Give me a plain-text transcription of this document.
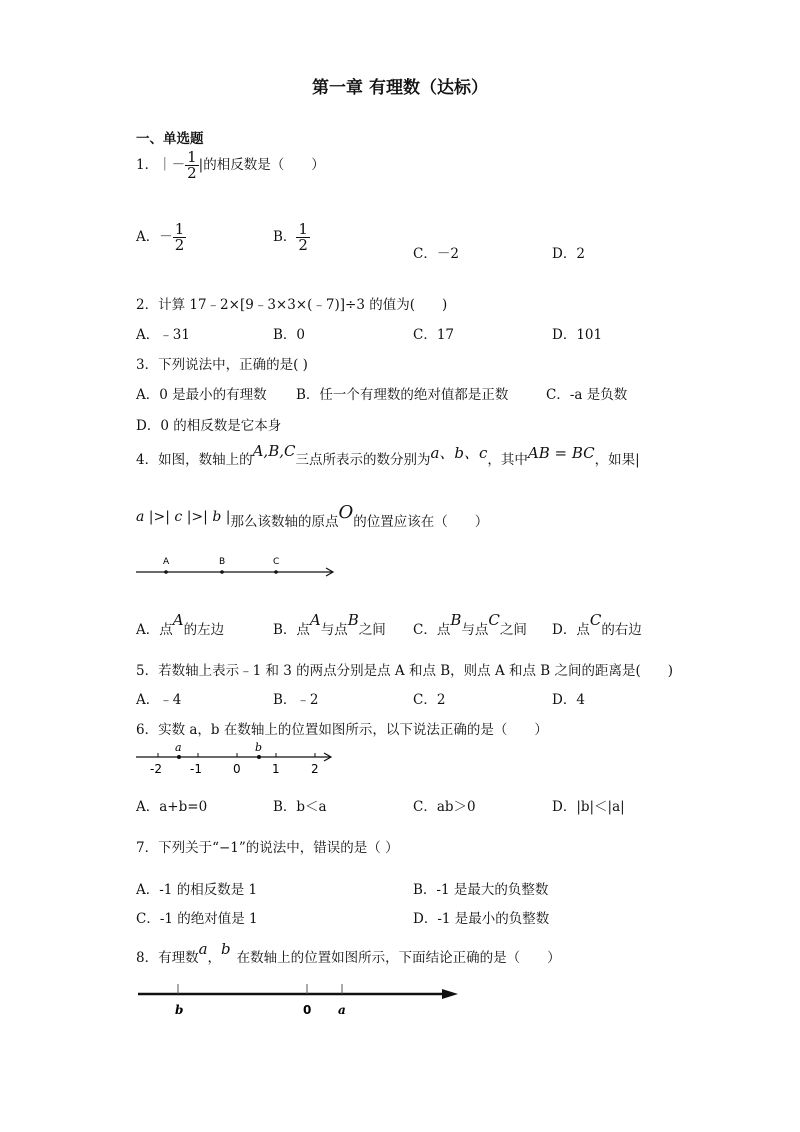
第一章 有理数（达标）
一、单选题
1．｜－ $\frac{1}{2}$ |的相反数是（　　）
A．－ $\frac{1}{2}$	B． $\frac{1}{2}$
C．－2	D．2
2．计算 17﹣2×[9﹣3×3×(﹣7)]÷3 的值为(　　)
A．﹣31	B．0	C．17	D．101
3．下列说法中，正确的是( )
A．0 是最小的有理数 B．任一个有理数的绝对值都是正数	C．-a 是负数
D．0 的相反数是它本身
4．如图，数轴上的A,B,C三点所表示的数分别为a、b、c，其中AB = BC，如果|
a |>| c |>| b |那么该数轴的原点O的位置应该在（　　）
A	B	C
A．点A的左边	B．点A与点B之间 C．点B与点C之间 D．点C的右边
5．若数轴上表示﹣1 和 3 的两点分别是点 A 和点 B，则点 A 和点 B 之间的距离是(　　)
A．﹣4	B．﹣2	C．2	D．4
6．实数 a，b 在数轴上的位置如图所示，以下说法正确的是（　　）
a	b
-2 -1	0	1	2
A．a+b=0	B．b＜a	C．ab＞0	D．|b|＜|a|
7．下列关于“−1”的说法中，错误的是（ ）
A．-1 的相反数是 1	B．-1 是最大的负整数
C．-1 的绝对值是 1	D．-1 是最小的负整数
8．有理数a，b 在数轴上的位置如图所示，下面结论正确的是（　　）
b	0 a
